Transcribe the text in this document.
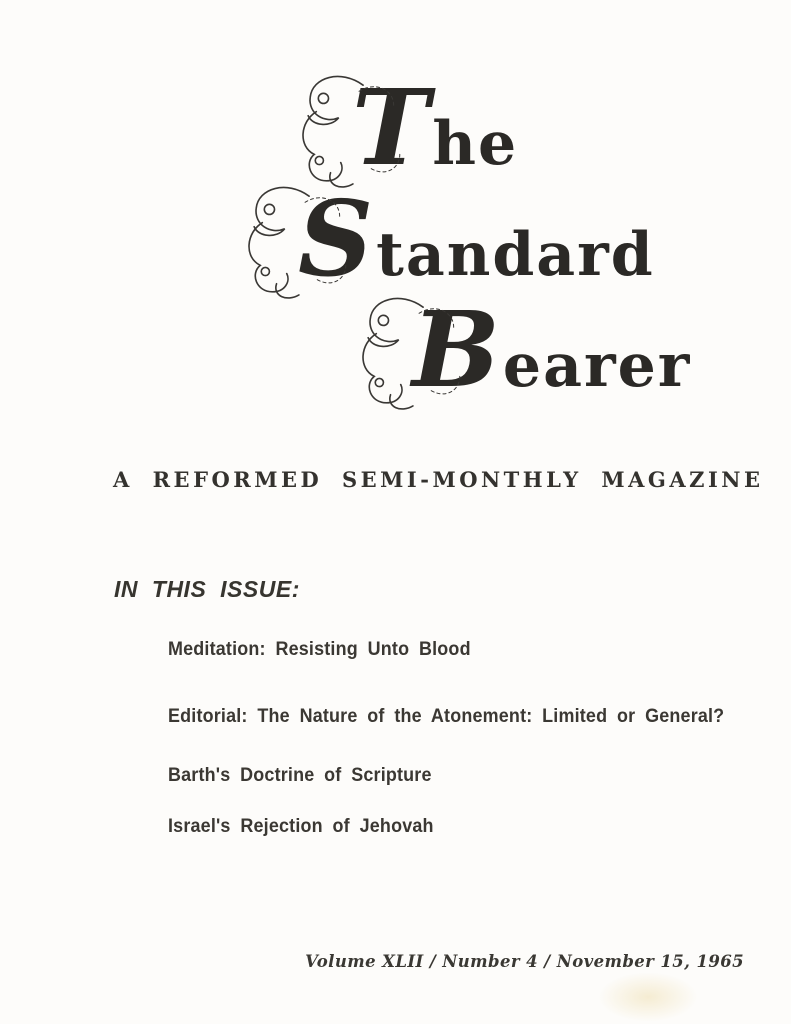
T he
S tandard
B earer
A REFORMED SEMI-MONTHLY MAGAZINE
IN THIS ISSUE:
Meditation: Resisting Unto Blood
Editorial: The Nature of the Atonement: Limited or General?
Barth's Doctrine of Scripture
Israel's Rejection of Jehovah
Volume XLII / Number 4 / November 15, 1965
